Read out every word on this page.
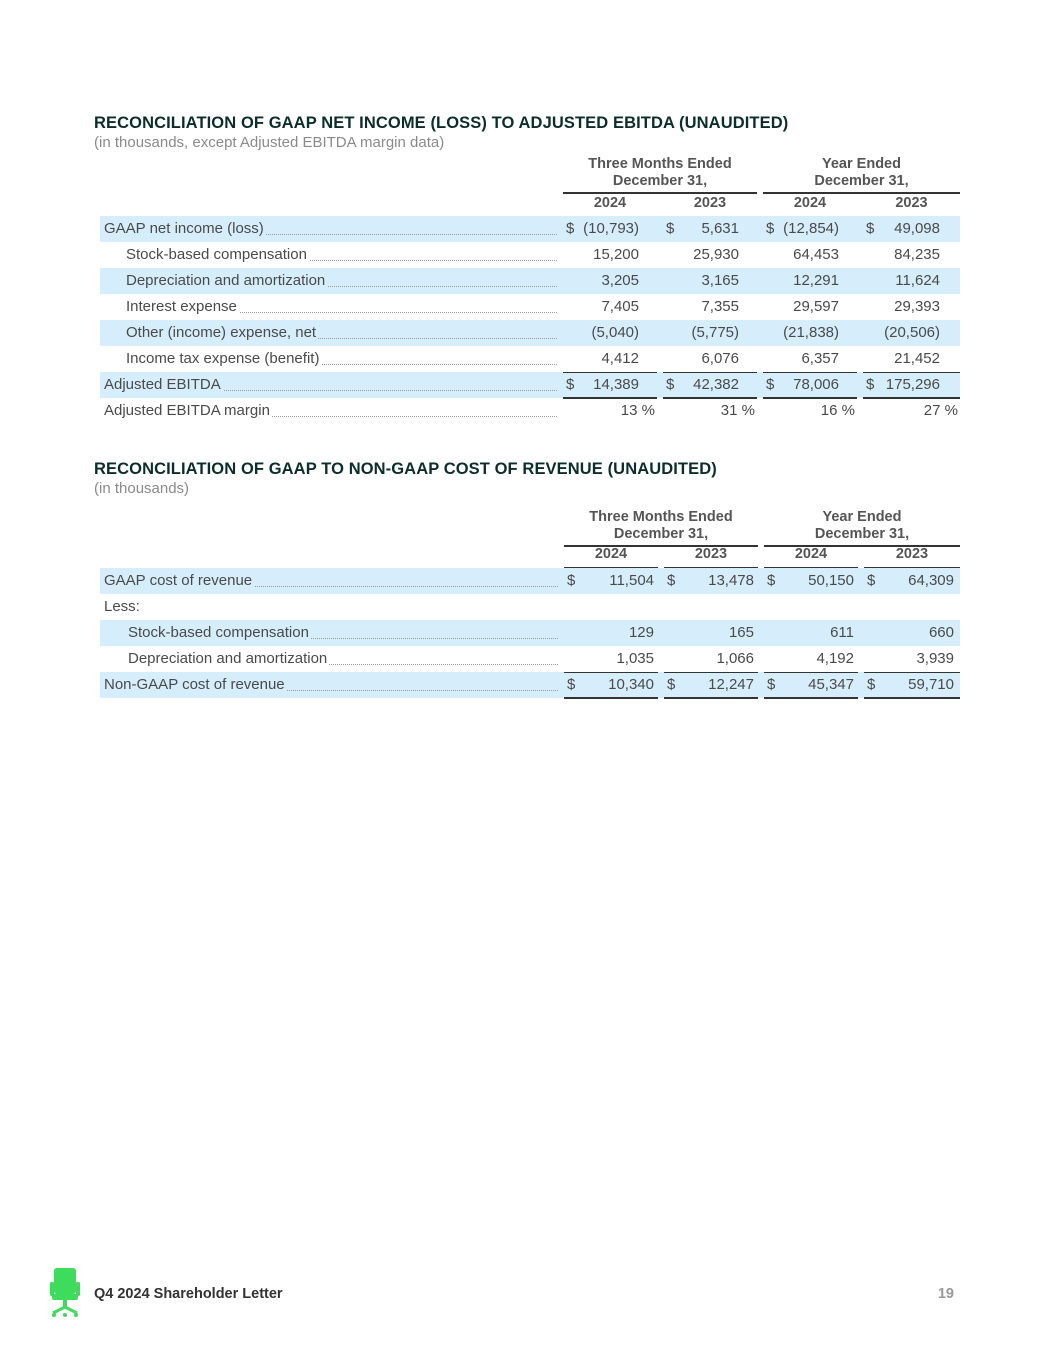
RECONCILIATION OF GAAP NET INCOME (LOSS) TO ADJUSTED EBITDA (UNAUDITED)
(in thousands, except Adjusted EBITDA margin data)
Three Months Ended
December 31,
Year Ended
December 31,
2024	2023	2024	2023
GAAP net income (loss)	$ (10,793) $ 5,631 $ (12,854) $ 49,098
Stock-based compensation	15,200	25,930	64,453	84,235
Depreciation and amortization	3,205	3,165	12,291	11,624
Interest expense	7,405	7,355	29,597	29,393
Other (income) expense, net	(5,040)	(5,775)	(21,838)	(20,506)
Income tax expense (benefit)	4,412	6,076	6,357	21,452
Adjusted EBITDA	$ 14,389 $ 42,382 $ 78,006 $ 175,296
Adjusted EBITDA margin	13 %	31 %	16 %	27 %
RECONCILIATION OF GAAP TO NON-GAAP COST OF REVENUE (UNAUDITED)
(in thousands)
Three Months Ended
December 31,
Year Ended
December 31,
2024	2023	2024	2023
GAAP cost of revenue	$ 11,504 $ 13,478 $ 50,150 $ 64,309
Less:
Stock-based compensation	129	165	611	660
Depreciation and amortization	1,035	1,066	4,192	3,939
Non-GAAP cost of revenue	$ 10,340 $ 12,247 $ 45,347 $ 59,710
Q4 2024 Shareholder Letter	19
